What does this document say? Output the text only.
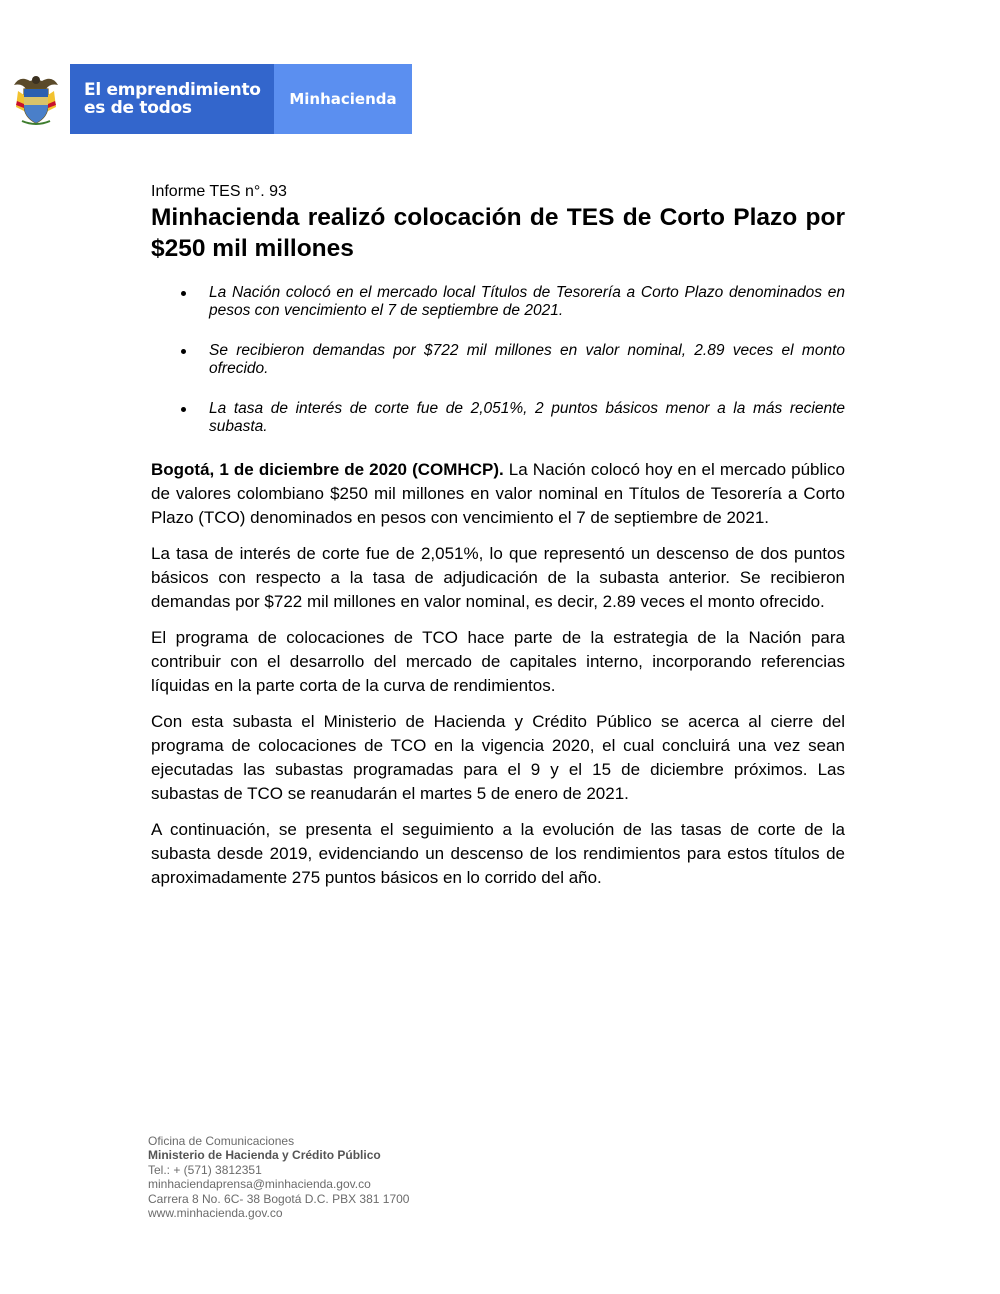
El emprendimiento
es de todos	Minhacienda

Informe TES n°. 93

Minhacienda realizó colocación de TES de Corto Plazo por $250 mil millones
La Nación colocó en el mercado local Títulos de Tesorería a Corto Plazo denominados en pesos con vencimiento el 7 de septiembre de 2021.
Se recibieron demandas por $722 mil millones en valor nominal, 2.89 veces el monto ofrecido.
La tasa de interés de corte fue de 2,051%, 2 puntos básicos menor a la más reciente subasta.

Bogotá, 1 de diciembre de 2020 (COMHCP). La Nación colocó hoy en el mercado público de valores colombiano $250 mil millones en valor nominal en Títulos de Tesorería a Corto Plazo (TCO) denominados en pesos con vencimiento el 7 de septiembre de 2021.

La tasa de interés de corte fue de 2,051%, lo que representó un descenso de dos puntos básicos con respecto a la tasa de adjudicación de la subasta anterior. Se recibieron demandas por $722 mil millones en valor nominal, es decir, 2.89 veces el monto ofrecido.

El programa de colocaciones de TCO hace parte de la estrategia de la Nación para contribuir con el desarrollo del mercado de capitales interno, incorporando referencias líquidas en la parte corta de la curva de rendimientos.

Con esta subasta el Ministerio de Hacienda y Crédito Público se acerca al cierre del programa de colocaciones de TCO en la vigencia 2020, el cual concluirá una vez sean ejecutadas las subastas programadas para el 9 y el 15 de diciembre próximos. Las subastas de TCO se reanudarán el martes 5 de enero de 2021.

A continuación, se presenta el seguimiento a la evolución de las tasas de corte de la subasta desde 2019, evidenciando un descenso de los rendimientos para estos títulos de aproximadamente 275 puntos básicos en lo corrido del año.

Oficina de Comunicaciones
Ministerio de Hacienda y Crédito Público
Tel.: + (571) 3812351
minhaciendaprensa@minhacienda.gov.co
Carrera 8 No. 6C- 38 Bogotá D.C. PBX 381 1700
www.minhacienda.gov.co
